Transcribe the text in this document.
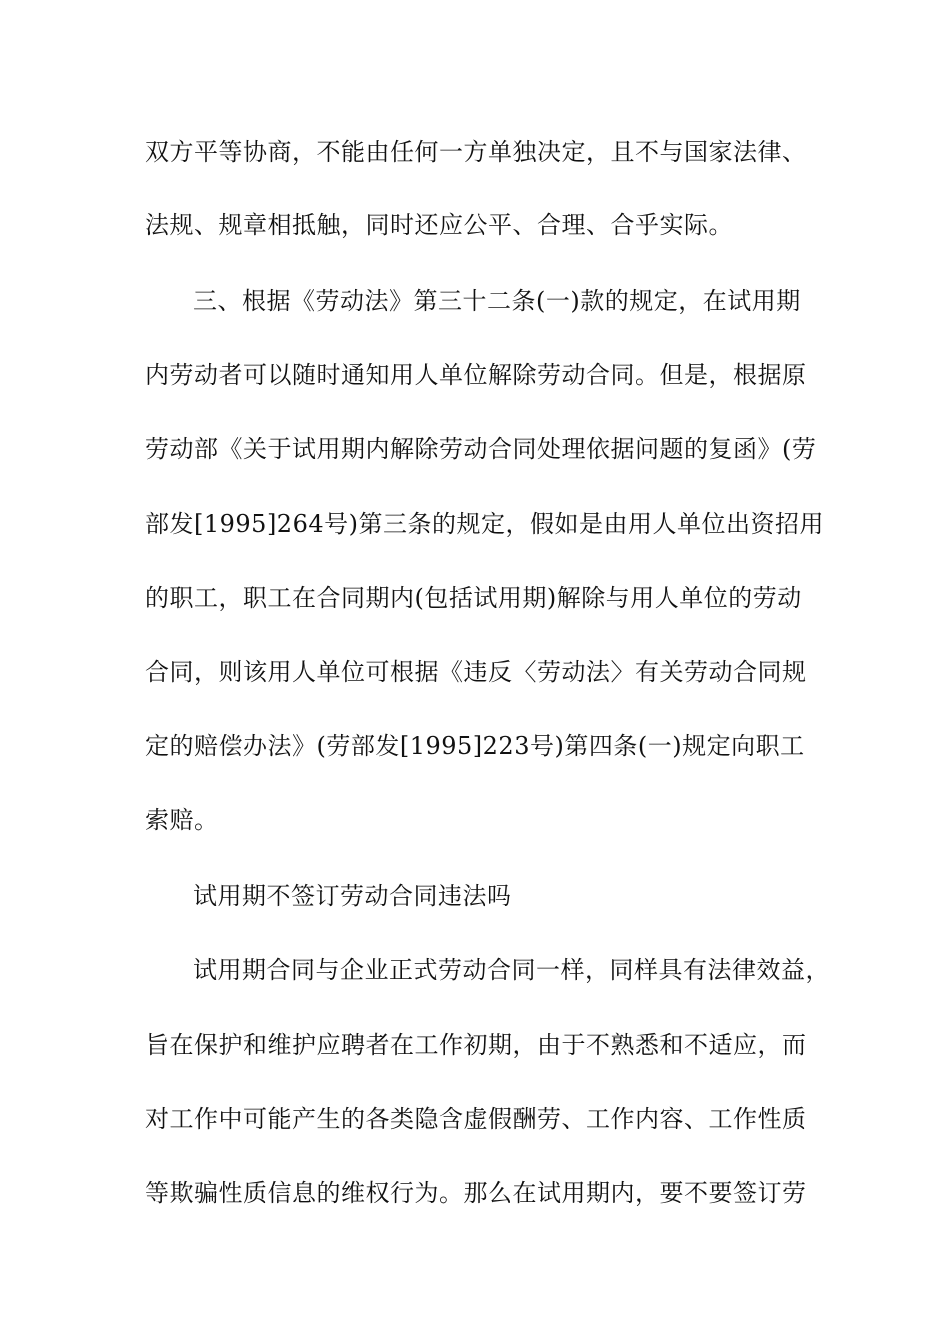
双方平等协商，不能由任何一方单独决定，且不与国家法律、
法规、规章相抵触，同时还应公平、合理、合乎实际。
三、根据《劳动法》第三十二条(一)款的规定，在试用期
内劳动者可以随时通知用人单位解除劳动合同。但是，根据原
劳动部《关于试用期内解除劳动合同处理依据问题的复函》(劳
部发[1995]264号)第三条的规定，假如是由用人单位出资招用
的职工，职工在合同期内(包括试用期)解除与用人单位的劳动
合同，则该用人单位可根据《违反〈劳动法〉有关劳动合同规
定的赔偿办法》(劳部发[1995]223号)第四条(一)规定向职工
索赔。
试用期不签订劳动合同违法吗
试用期合同与企业正式劳动合同一样，同样具有法律效益，
旨在保护和维护应聘者在工作初期，由于不熟悉和不适应，而
对工作中可能产生的各类隐含虚假酬劳、工作内容、工作性质
等欺骗性质信息的维权行为。那么在试用期内，要不要签订劳
